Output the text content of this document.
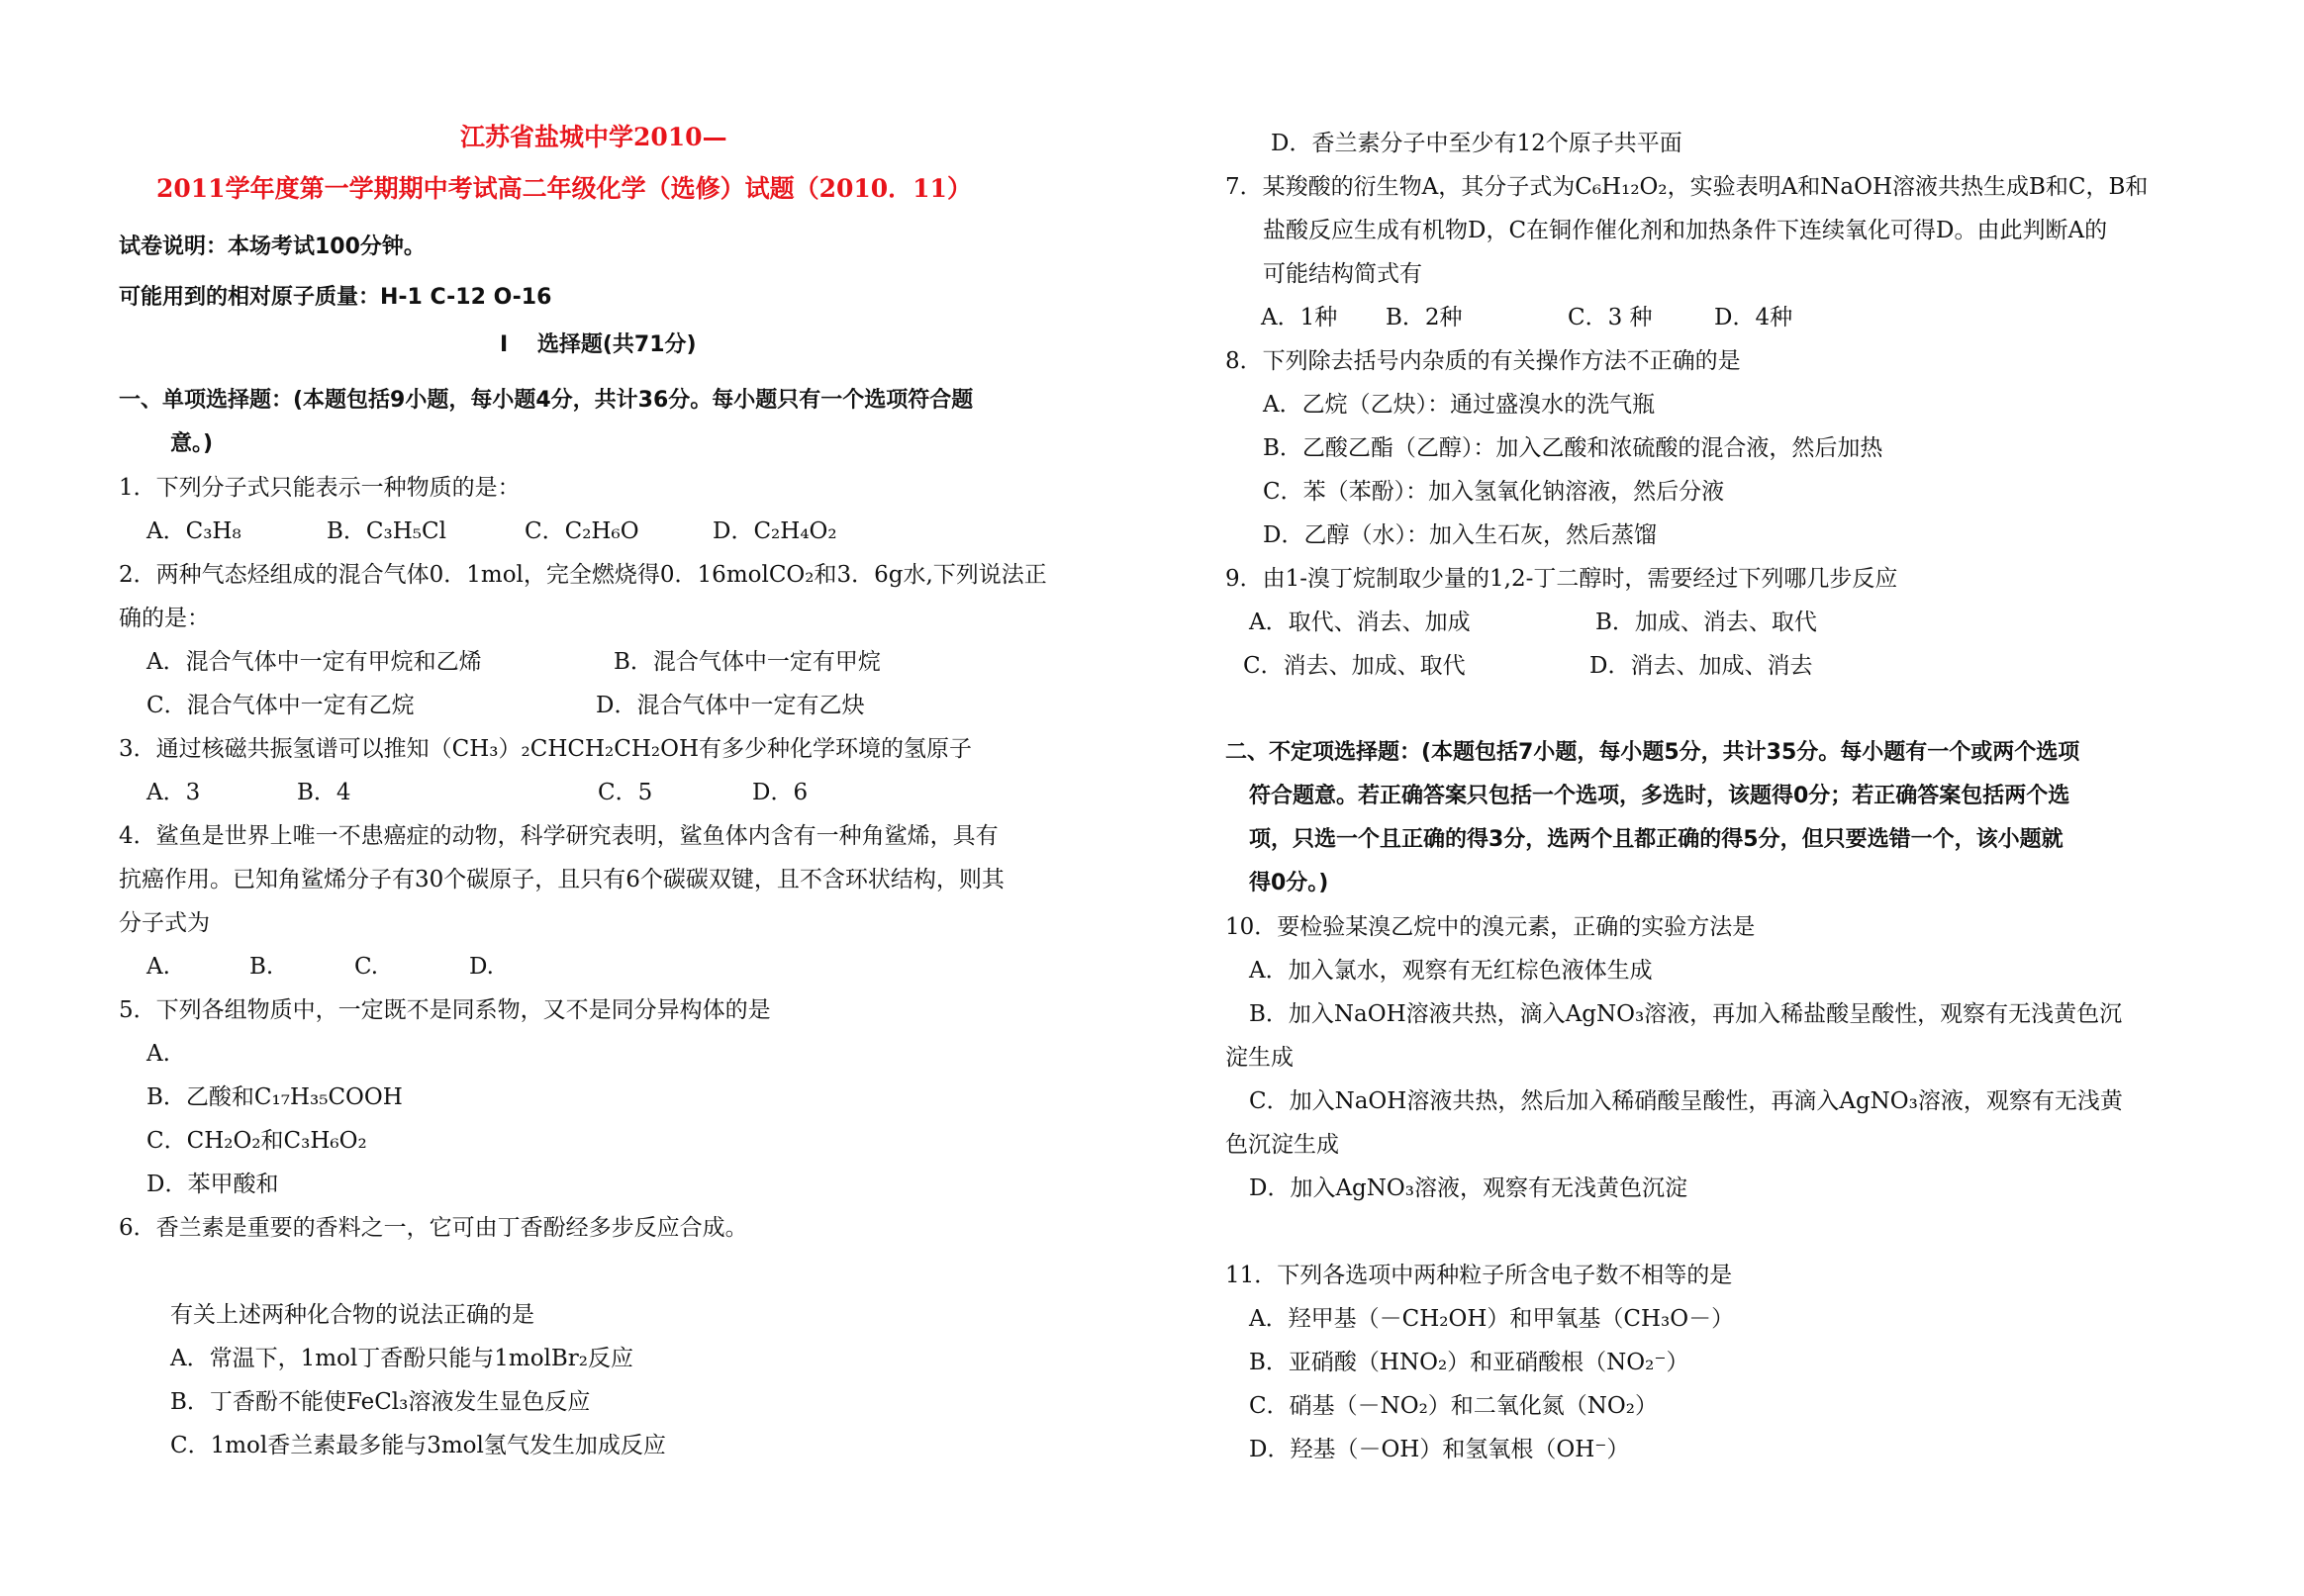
江苏省盐城中学2010—
2011学年度第一学期期中考试高二年级化学（选修）试题（2010．11）
试卷说明：本场考试100分钟。
可能用到的相对原子质量：H-1 C-12 O-16
I　 选择题(共71分)
一、单项选择题：(本题包括9小题，每小题4分，共计36分。每小题只有一个选项符合题
意。)
1．下列分子式只能表示一种物质的是：
A．C₃H₈	B．C₃H₅Cl	C．C₂H₆O	D．C₂H₄O₂
2．两种气态烃组成的混合气体0．1mol，完全燃烧得0．16molCO₂和3．6g水,下列说法正
确的是：
A．混合气体中一定有甲烷和乙烯	B．混合气体中一定有甲烷
C．混合气体中一定有乙烷	D．混合气体中一定有乙炔
3．通过核磁共振氢谱可以推知（CH₃）₂CHCH₂CH₂OH有多少种化学环境的氢原子
A．3	B．4	C．5	D．6
4．鲨鱼是世界上唯一不患癌症的动物，科学研究表明，鲨鱼体内含有一种角鲨烯，具有
抗癌作用。已知角鲨烯分子有30个碳原子，且只有6个碳碳双键，且不含环状结构，则其
分子式为
A.	B.	C.	D.
5．下列各组物质中，一定既不是同系物，又不是同分异构体的是
A.
B．乙酸和C₁₇H₃₅COOH
C．CH₂O₂和C₃H₆O₂
D．苯甲酸和
6．香兰素是重要的香料之一，它可由丁香酚经多步反应合成。
有关上述两种化合物的说法正确的是
A．常温下，1mol丁香酚只能与1molBr₂反应
B．丁香酚不能使FeCl₃溶液发生显色反应
C．1mol香兰素最多能与3mol氢气发生加成反应
D．香兰素分子中至少有12个原子共平面
7．某羧酸的衍生物A，其分子式为C₆H₁₂O₂，实验表明A和NaOH溶液共热生成B和C，B和
盐酸反应生成有机物D，C在铜作催化剂和加热条件下连续氧化可得D。由此判断A的
可能结构简式有
A．1种 B．2种	C．3 种	D．4种
8．下列除去括号内杂质的有关操作方法不正确的是
A．乙烷（乙炔）：通过盛溴水的洗气瓶
B．乙酸乙酯（乙醇）：加入乙酸和浓硫酸的混合液，然后加热
C．苯（苯酚）：加入氢氧化钠溶液，然后分液
D．乙醇（水）：加入生石灰，然后蒸馏
9．由1-溴丁烷制取少量的1,2-丁二醇时，需要经过下列哪几步反应
A．取代、消去、加成	B．加成、消去、取代
C．消去、加成、取代	D．消去、加成、消去
二、不定项选择题：(本题包括7小题，每小题5分，共计35分。每小题有一个或两个选项
符合题意。若正确答案只包括一个选项，多选时，该题得0分；若正确答案包括两个选
项，只选一个且正确的得3分，选两个且都正确的得5分，但只要选错一个，该小题就
得0分。)
10．要检验某溴乙烷中的溴元素，正确的实验方法是
A．加入氯水，观察有无红棕色液体生成
B．加入NaOH溶液共热，滴入AgNO₃溶液，再加入稀盐酸呈酸性，观察有无浅黄色沉
淀生成
C．加入NaOH溶液共热，然后加入稀硝酸呈酸性，再滴入AgNO₃溶液，观察有无浅黄
色沉淀生成
D．加入AgNO₃溶液，观察有无浅黄色沉淀
11．下列各选项中两种粒子所含电子数不相等的是
A．羟甲基（－CH₂OH）和甲氧基（CH₃O－）
B．亚硝酸（HNO₂）和亚硝酸根（NO₂⁻）
C．硝基（－NO₂）和二氧化氮（NO₂）
D．羟基（－OH）和氢氧根（OH⁻）
